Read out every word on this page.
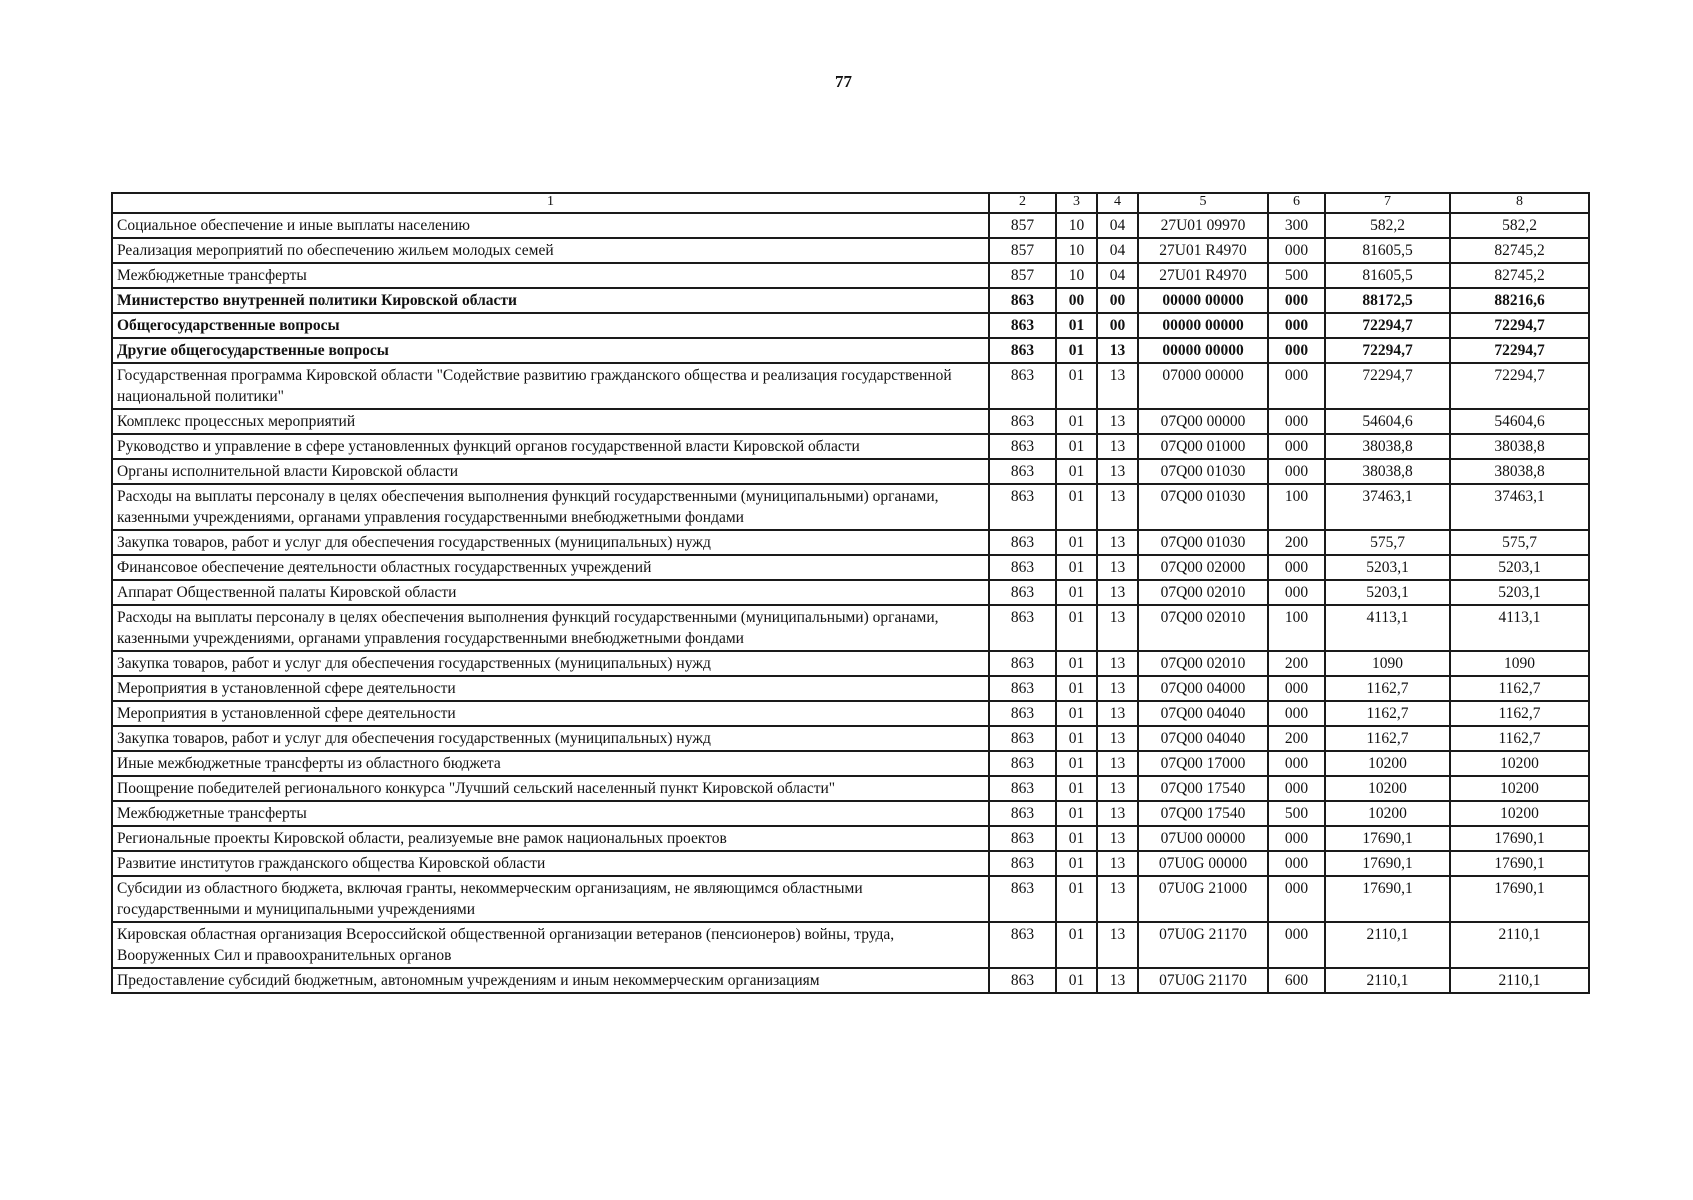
77
1	2	3	4	5	6	7	8
Социальное обеспечение и иные выплаты населению	857	10	04	27U01 09970	300	582,2	582,2
Реализация мероприятий по обеспечению жильем молодых семей	857	10	04	27U01 R4970	000	81605,5	82745,2
Межбюджетные трансферты	857	10	04	27U01 R4970	500	81605,5	82745,2
Министерство внутренней политики Кировской области	863	00	00	00000 00000	000	88172,5	88216,6
Общегосударственные вопросы	863	01	00	00000 00000	000	72294,7	72294,7
Другие общегосударственные вопросы	863	01	13	00000 00000	000	72294,7	72294,7
Государственная программа Кировской области "Содействие развитию гражданского общества и реализация государственной национальной политики"	863	01	13	07000 00000	000	72294,7	72294,7
Комплекс процессных мероприятий	863	01	13	07Q00 00000	000	54604,6	54604,6
Руководство и управление в сфере установленных функций органов государственной власти Кировской области	863	01	13	07Q00 01000	000	38038,8	38038,8
Органы исполнительной власти Кировской области	863	01	13	07Q00 01030	000	38038,8	38038,8
Расходы на выплаты персоналу в целях обеспечения выполнения функций государственными (муниципальными) органами, казенными учреждениями, органами управления государственными внебюджетными фондами	863	01	13	07Q00 01030	100	37463,1	37463,1
Закупка товаров, работ и услуг для обеспечения государственных (муниципальных) нужд	863	01	13	07Q00 01030	200	575,7	575,7
Финансовое обеспечение деятельности областных государственных учреждений	863	01	13	07Q00 02000	000	5203,1	5203,1
Аппарат Общественной палаты Кировской области	863	01	13	07Q00 02010	000	5203,1	5203,1
Расходы на выплаты персоналу в целях обеспечения выполнения функций государственными (муниципальными) органами, казенными учреждениями, органами управления государственными внебюджетными фондами	863	01	13	07Q00 02010	100	4113,1	4113,1
Закупка товаров, работ и услуг для обеспечения государственных (муниципальных) нужд	863	01	13	07Q00 02010	200	1090	1090
Мероприятия в установленной сфере деятельности	863	01	13	07Q00 04000	000	1162,7	1162,7
Мероприятия в установленной сфере деятельности	863	01	13	07Q00 04040	000	1162,7	1162,7
Закупка товаров, работ и услуг для обеспечения государственных (муниципальных) нужд	863	01	13	07Q00 04040	200	1162,7	1162,7
Иные межбюджетные трансферты из областного бюджета	863	01	13	07Q00 17000	000	10200	10200
Поощрение победителей регионального конкурса "Лучший сельский населенный пункт Кировской области"	863	01	13	07Q00 17540	000	10200	10200
Межбюджетные трансферты	863	01	13	07Q00 17540	500	10200	10200
Региональные проекты Кировской области, реализуемые вне рамок национальных проектов	863	01	13	07U00 00000	000	17690,1	17690,1
Развитие институтов гражданского общества Кировской области	863	01	13	07U0G 00000	000	17690,1	17690,1
Субсидии из областного бюджета, включая гранты, некоммерческим организациям, не являющимся областными государственными и муниципальными учреждениями	863	01	13	07U0G 21000	000	17690,1	17690,1
Кировская областная организация Всероссийской общественной организации ветеранов (пенсионеров) войны, труда, Вооруженных Сил и правоохранительных органов	863	01	13	07U0G 21170	000	2110,1	2110,1
Предоставление субсидий бюджетным, автономным учреждениям и иным некоммерческим организациям	863	01	13	07U0G 21170	600	2110,1	2110,1
